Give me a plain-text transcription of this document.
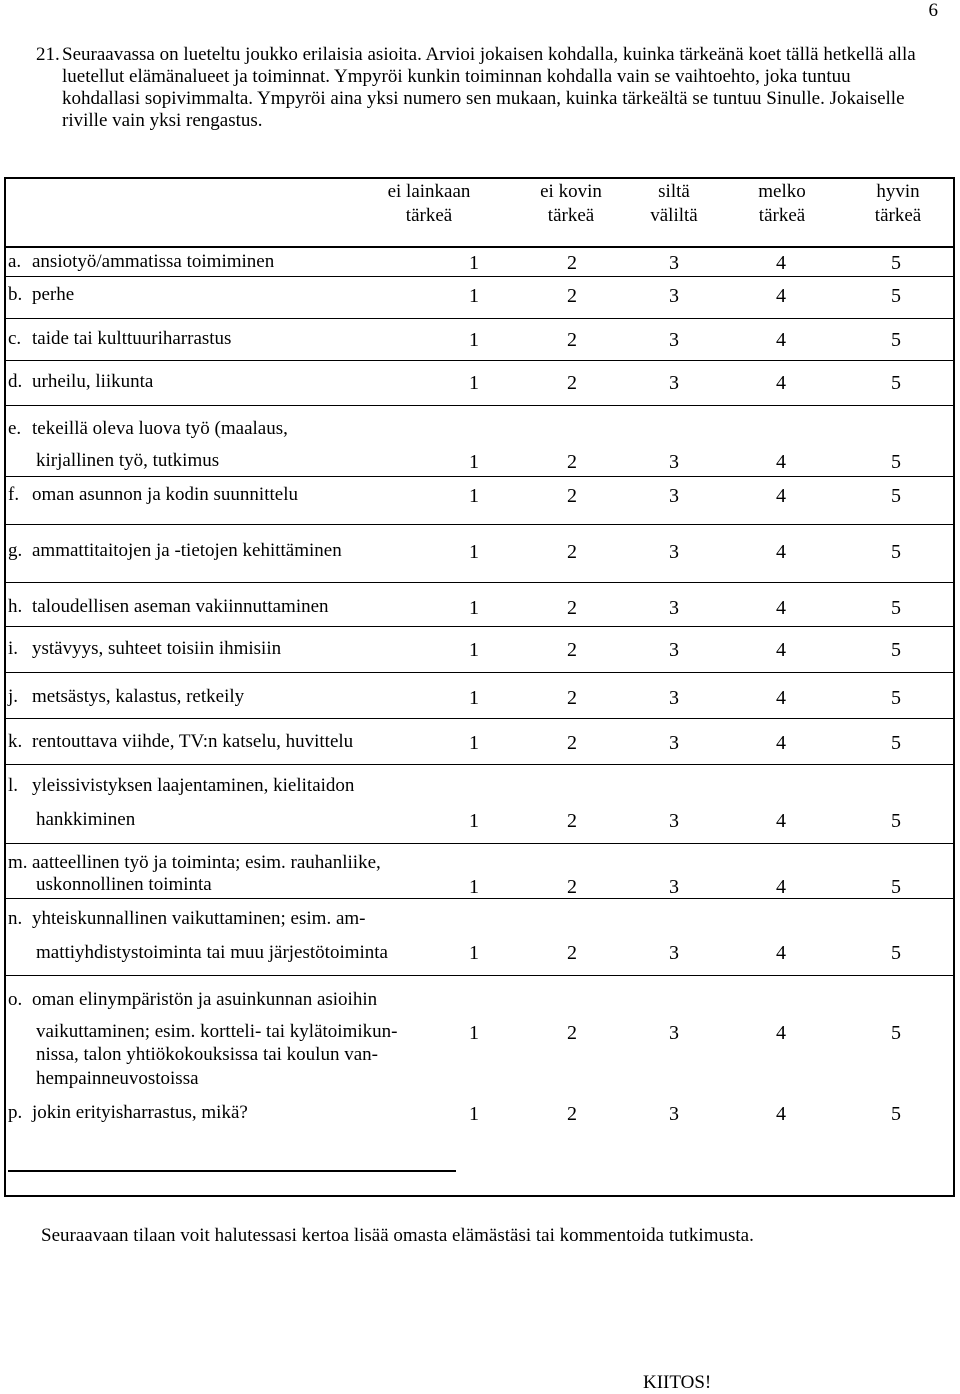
6
21. Seuraavassa on lueteltu joukko erilaisia asioita. Arvioi jokaisen kohdalla, kuinka tärkeänä koet tällä hetkellä alla luetellut elämänalueet ja toiminnat. Ympyröi kunkin toiminnan kohdalla vain se vaihtoehto, joka tuntuu kohdallasi sopivimmalta. Ympyröi aina yksi numero sen mukaan, kuinka tärkeältä se tuntuu Sinulle. Jokaiselle riville vain yksi rengastus.
ei lainkaan
tärkeä
ei kovin
tärkeä
siltä
väliltä
melko
tärkeä
hyvin
tärkeä
a. ansiotyö/ammatissa toimiminen	1	2	3	4	5
b. perhe	1	2	3	4	5
c. taide tai kulttuuriharrastus	1	2	3	4	5
d. urheilu, liikunta	1	2	3	4	5
e. tekeillä oleva luova työ (maalaus,
kirjallinen työ, tutkimus	1	2	3	4	5
f. oman asunnon ja kodin suunnittelu	1	2	3	4	5
g. ammattitaitojen ja -tietojen kehittäminen	1	2	3	4	5
h. taloudellisen aseman vakiinnuttaminen	1	2	3	4	5
i. ystävyys, suhteet toisiin ihmisiin	1	2	3	4	5
j. metsästys, kalastus, retkeily	1	2	3	4	5
k. rentouttava viihde, TV:n katselu, huvittelu	1	2	3	4	5
l. yleissivistyksen laajentaminen, kielitaidon
hankkiminen	1	2	3	4	5
m. aatteellinen työ ja toiminta; esim. rauhanliike,
uskonnollinen toiminta	1	2	3	4	5
n. yhteiskunnallinen vaikuttaminen; esim. am-
mattiyhdistystoiminta tai muu järjestötoiminta	1	2	3	4	5
o. oman elinympäristön ja asuinkunnan asioihin
vaikuttaminen; esim. kortteli- tai kylätoimikun-
nissa, talon yhtiökokouksissa tai koulun van-
hempainneuvostoissa
1	2	3	4	5
p. jokin erityisharrastus, mikä?	1	2	3	4	5
Seuraavaan tilaan voit halutessasi kertoa lisää omasta elämästäsi tai kommentoida tutkimusta.
KIITOS!
